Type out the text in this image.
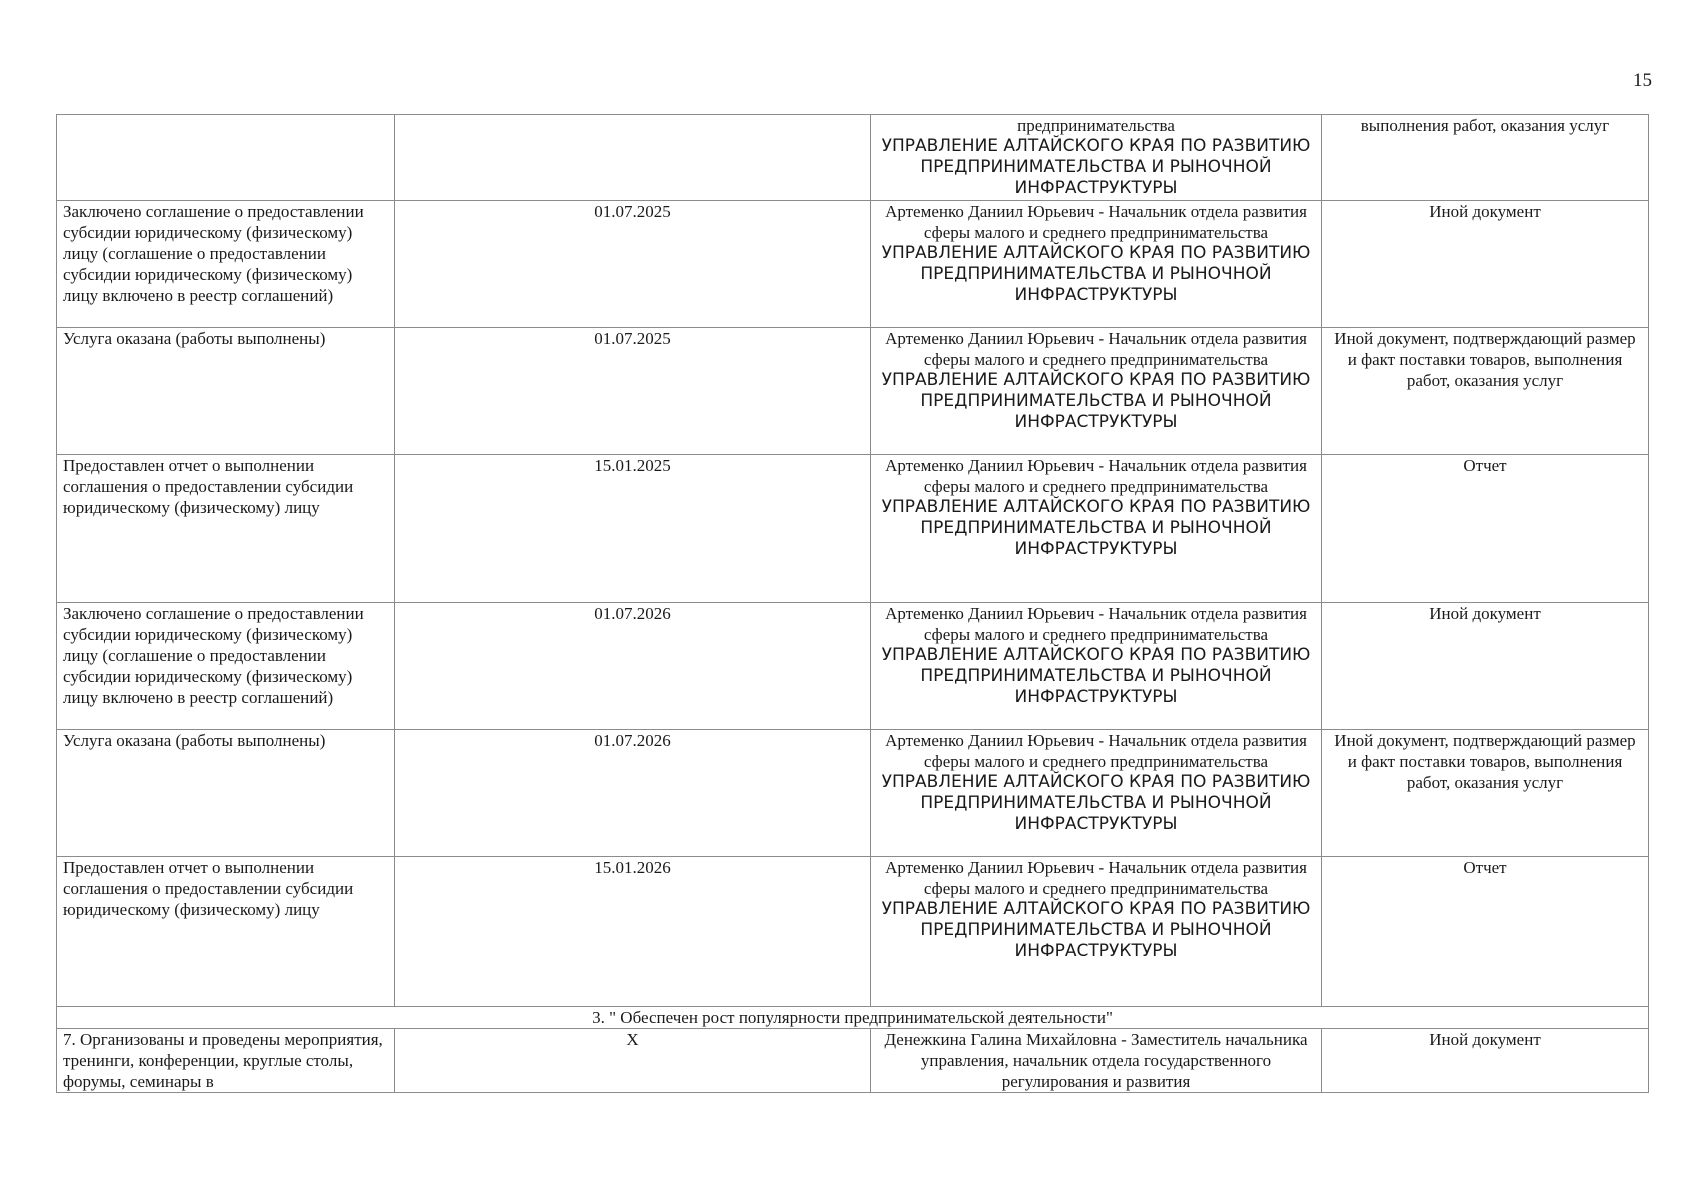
15

		предпринимательства
УПРАВЛЕНИЕ АЛТАЙСКОГО КРАЯ ПО РАЗВИТИЮ ПРЕДПРИНИМАТЕЛЬСТВА И РЫНОЧНОЙ ИНФРАСТРУКТУРЫ	выполнения работ, оказания услуг
Заключено соглашение о предоставлении субсидии юридическому (физическому) лицу (соглашение о предоставлении субсидии юридическому (физическому) лицу включено в реестр соглашений)	01.07.2025	Артеменко Даниил Юрьевич - Начальник отдела развития сферы малого и среднего предпринимательства
УПРАВЛЕНИЕ АЛТАЙСКОГО КРАЯ ПО РАЗВИТИЮ ПРЕДПРИНИМАТЕЛЬСТВА И РЫНОЧНОЙ ИНФРАСТРУКТУРЫ	Иной документ
Услуга оказана (работы выполнены)	01.07.2025	Артеменко Даниил Юрьевич - Начальник отдела развития сферы малого и среднего предпринимательства
УПРАВЛЕНИЕ АЛТАЙСКОГО КРАЯ ПО РАЗВИТИЮ ПРЕДПРИНИМАТЕЛЬСТВА И РЫНОЧНОЙ ИНФРАСТРУКТУРЫ	Иной документ, подтверждающий размер и факт поставки товаров, выполнения работ, оказания услуг
Предоставлен отчет о выполнении соглашения о предоставлении субсидии юридическому (физическому) лицу	15.01.2025	Артеменко Даниил Юрьевич - Начальник отдела развития сферы малого и среднего предпринимательства
УПРАВЛЕНИЕ АЛТАЙСКОГО КРАЯ ПО РАЗВИТИЮ ПРЕДПРИНИМАТЕЛЬСТВА И РЫНОЧНОЙ ИНФРАСТРУКТУРЫ	Отчет
Заключено соглашение о предоставлении субсидии юридическому (физическому) лицу (соглашение о предоставлении субсидии юридическому (физическому) лицу включено в реестр соглашений)	01.07.2026	Артеменко Даниил Юрьевич - Начальник отдела развития сферы малого и среднего предпринимательства
УПРАВЛЕНИЕ АЛТАЙСКОГО КРАЯ ПО РАЗВИТИЮ ПРЕДПРИНИМАТЕЛЬСТВА И РЫНОЧНОЙ ИНФРАСТРУКТУРЫ	Иной документ
Услуга оказана (работы выполнены)	01.07.2026	Артеменко Даниил Юрьевич - Начальник отдела развития сферы малого и среднего предпринимательства
УПРАВЛЕНИЕ АЛТАЙСКОГО КРАЯ ПО РАЗВИТИЮ ПРЕДПРИНИМАТЕЛЬСТВА И РЫНОЧНОЙ ИНФРАСТРУКТУРЫ	Иной документ, подтверждающий размер и факт поставки товаров, выполнения работ, оказания услуг
Предоставлен отчет о выполнении соглашения о предоставлении субсидии юридическому (физическому) лицу	15.01.2026	Артеменко Даниил Юрьевич - Начальник отдела развития сферы малого и среднего предпринимательства
УПРАВЛЕНИЕ АЛТАЙСКОГО КРАЯ ПО РАЗВИТИЮ ПРЕДПРИНИМАТЕЛЬСТВА И РЫНОЧНОЙ ИНФРАСТРУКТУРЫ	Отчет
3. " Обеспечен рост популярности предпринимательской деятельности"			
7. Организованы и проведены мероприятия, тренинги, конференции, круглые столы, форумы, семинары в	X	Денежкина Галина Михайловна - Заместитель начальника управления, начальник отдела государственного регулирования и развития	Иной документ
